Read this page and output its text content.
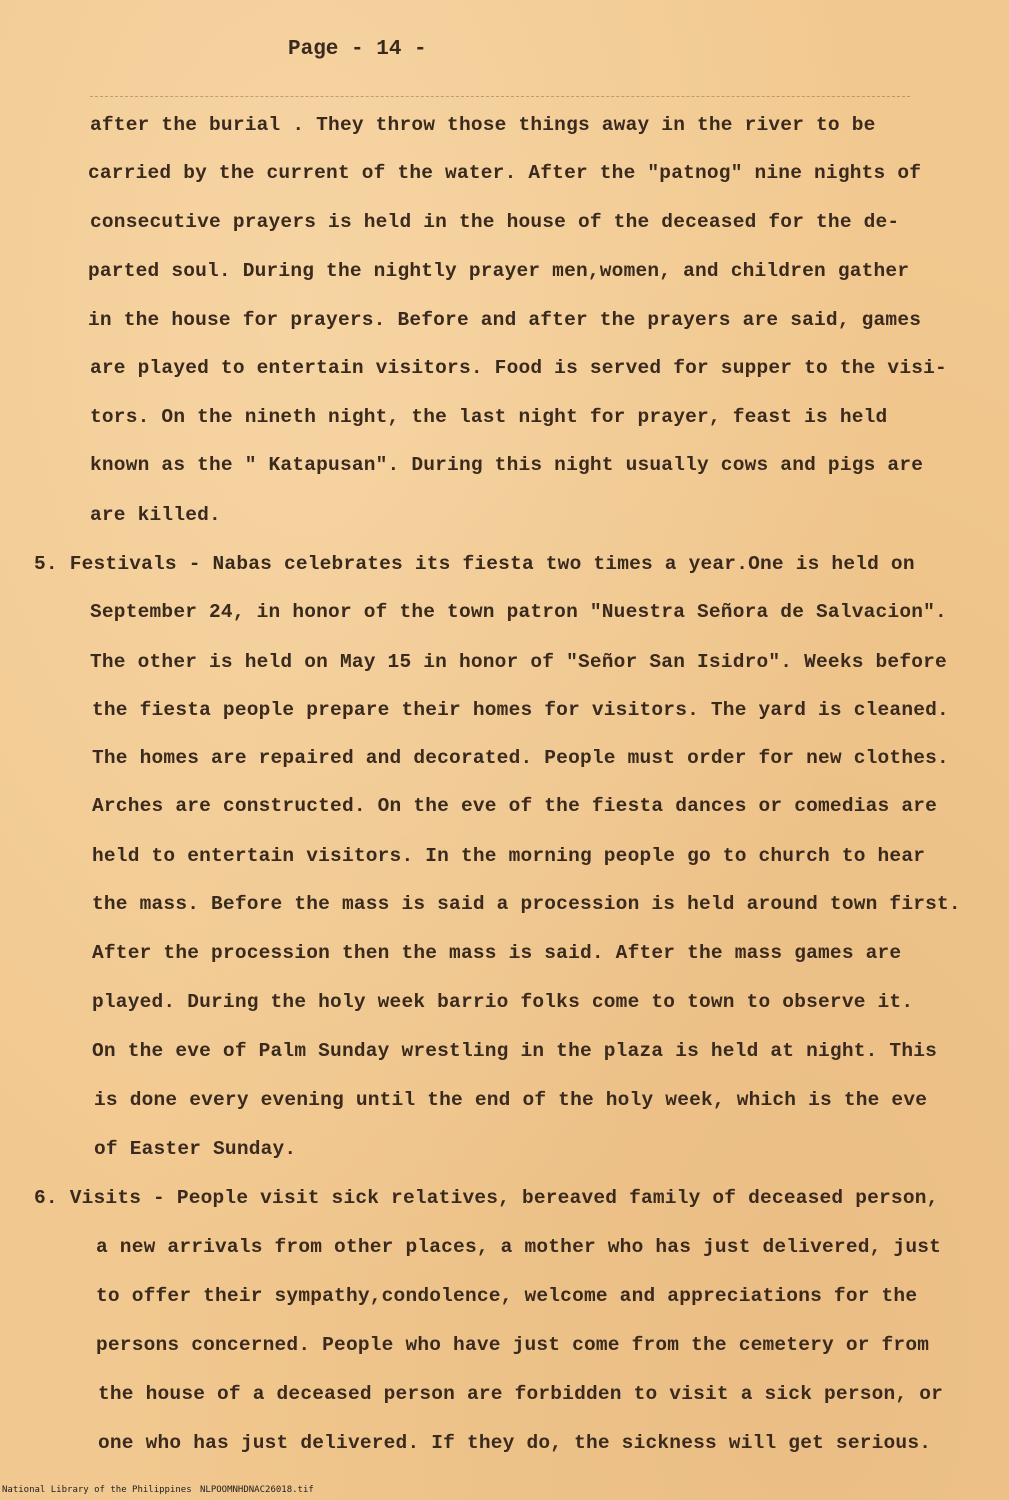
Page - 14 -
after the burial . They throw those things away in the river to be
carried by the current of the water. After the "patnog" nine nights of
consecutive prayers is held in the house of the deceased for the de-
parted soul. During the nightly prayer men,women, and children gather
in the house for prayers. Before and after the prayers are said, games
are played to entertain visitors. Food is served for supper to the visi-
tors. On the nineth night, the last night for prayer, feast is held
known as the " Katapusan". During this night usually cows and pigs are
are killed.
5. Festivals - Nabas celebrates its fiesta two times a year.One is held on
September 24, in honor of the town patron "Nuestra Señora de Salvacion".
The other is held on May 15 in honor of "Señor San Isidro". Weeks before
the fiesta people prepare their homes for visitors. The yard is cleaned.
The homes are repaired and decorated. People must order for new clothes.
Arches are constructed. On the eve of the fiesta dances or comedias are
held to entertain visitors. In the morning people go to church to hear
the mass. Before the mass is said a procession is held around town first.
After the procession then the mass is said. After the mass games are
played. During the holy week barrio folks come to town to observe it.
On the eve of Palm Sunday wrestling in the plaza is held at night. This
is done every evening until the end of the holy week, which is the eve
of Easter Sunday.
6. Visits - People visit sick relatives, bereaved family of deceased person,
a new arrivals from other places, a mother who has just delivered, just
to offer their sympathy,condolence, welcome and appreciations for the
persons concerned. People who have just come from the cemetery or from
the house of a deceased person are forbidden to visit a sick person, or
one who has just delivered. If they do, the sickness will get serious.
National Library of the Philippines NLPOOMNHDNAC26018.tif
